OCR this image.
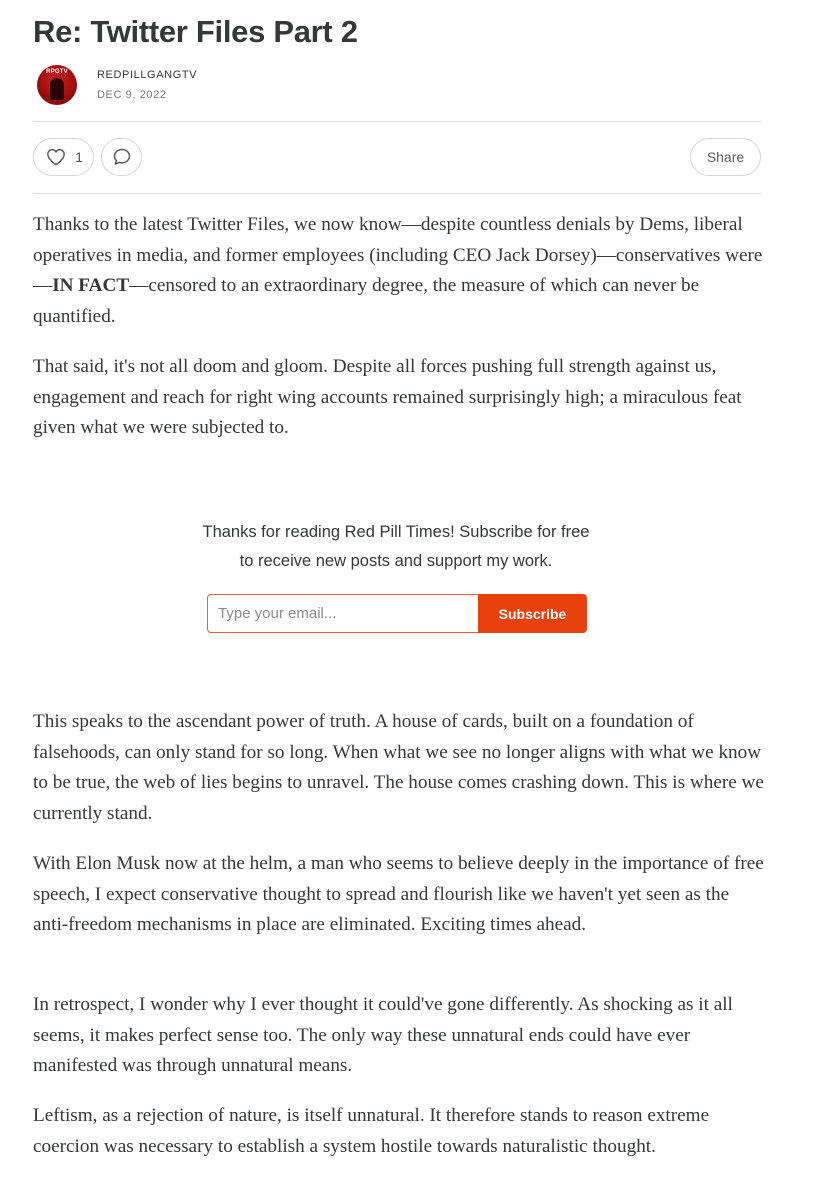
Re: Twitter Files Part 2
RPGTV	REDPILLGANGTV
DEC 9, 2022
1	Share

Thanks to the latest Twitter Files, we now know—despite countless denials by Dems, liberal operatives in media, and former employees (including CEO Jack Dorsey)—conservatives were—IN FACT—censored to an extraordinary degree, the measure of which can never be quantified.

That said, it's not all doom and gloom. Despite all forces pushing full strength against us, engagement and reach for right wing accounts remained surprisingly high; a miraculous feat given what we were subjected to.

Thanks for reading Red Pill Times! Subscribe for free to receive new posts and support my work.
Type your email...
Subscribe

This speaks to the ascendant power of truth. A house of cards, built on a foundation of falsehoods, can only stand for so long. When what we see no longer aligns with what we know to be true, the web of lies begins to unravel. The house comes crashing down. This is where we currently stand.

With Elon Musk now at the helm, a man who seems to believe deeply in the importance of free speech, I expect conservative thought to spread and flourish like we haven't yet seen as the anti-freedom mechanisms in place are eliminated. Exciting times ahead.

In retrospect, I wonder why I ever thought it could've gone differently. As shocking as it all seems, it makes perfect sense too. The only way these unnatural ends could have ever manifested was through unnatural means.

Leftism, as a rejection of nature, is itself unnatural. It therefore stands to reason extreme coercion was necessary to establish a system hostile towards naturalistic thought.
